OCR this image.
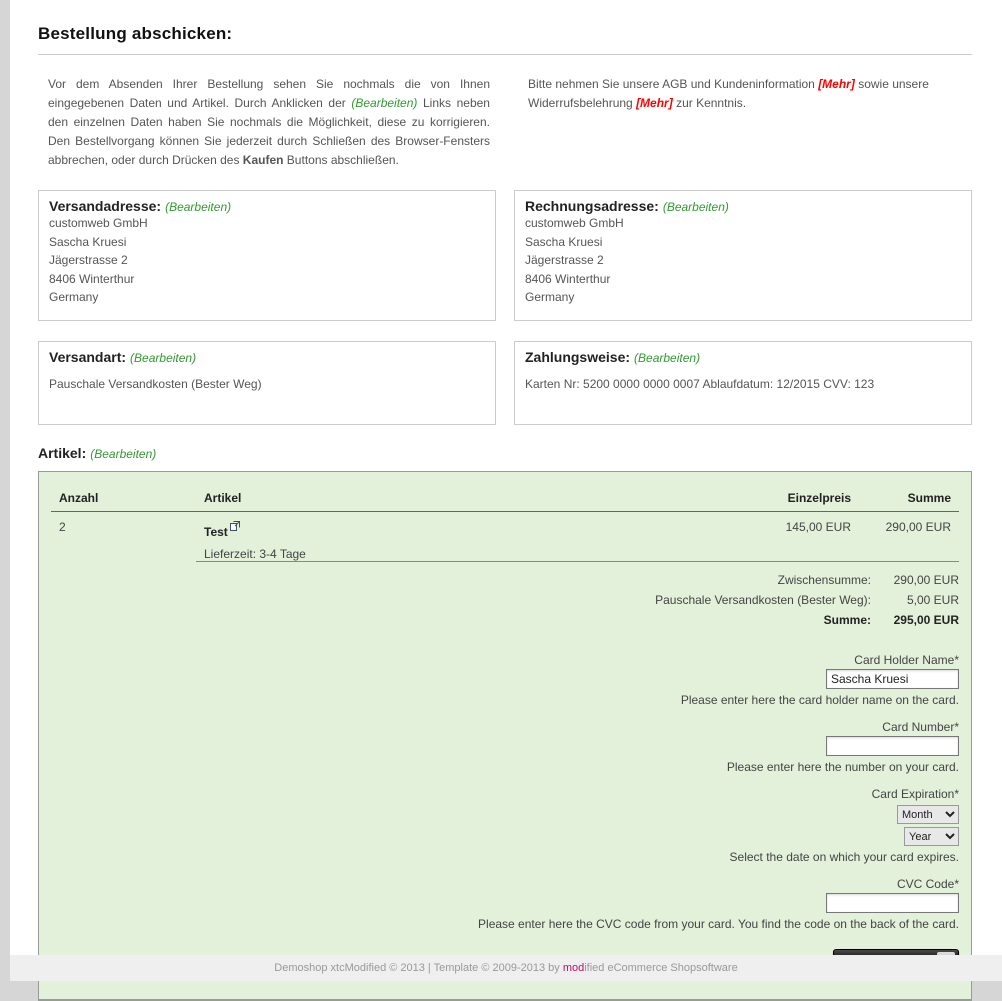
Bestellung abschicken:

Vor dem Absenden Ihrer Bestellung sehen Sie nochmals die von Ihnen eingegebenen Daten und Artikel. Durch Anklicken der (Bearbeiten) Links neben den einzelnen Daten haben Sie nochmals die Möglichkeit, diese zu korrigieren. Den Bestellvorgang können Sie jederzeit durch Schließen des Browser-Fensters abbrechen, oder durch Drücken des Kaufen Buttons abschließen.

Bitte nehmen Sie unsere AGB und Kundeninformation [Mehr] sowie unsere Widerrufsbelehrung [Mehr] zur Kenntnis.

Versandadresse: (Bearbeiten)
customweb GmbH
Sascha Kruesi
Jägerstrasse 2
8406 Winterthur
Germany
Rechnungsadresse: (Bearbeiten)
customweb GmbH
Sascha Kruesi
Jägerstrasse 2
8406 Winterthur
Germany
Versandart: (Bearbeiten)
Pauschale Versandkosten (Bester Weg)
Zahlungsweise: (Bearbeiten)
Karten Nr: 5200 0000 0000 0007 Ablaufdatum: 12/2015 CVV: 123
Artikel: (Bearbeiten)
Anzahl	Artikel	Einzelpreis	Summe
2	Test	145,00 EUR	290,00 EUR
	Lieferzeit: 3-4 Tage		
Zwischensumme:	290,00 EUR
Pauschale Versandkosten (Bester Weg):	5,00 EUR
Summe:	295,00 EUR
Card Holder Name*
Sascha Kruesi
Please enter here the card holder name on the card.
Card Number*
Please enter here the number on your card.
Card Expiration*
Month
Year
Select the date on which your card expires.
CVC Code*
Please enter here the CVC code from your card. You find the code on the back of the card.
Demoshop xtcModified © 2013 | Template © 2009-2013 by modified eCommerce Shopsoftware
